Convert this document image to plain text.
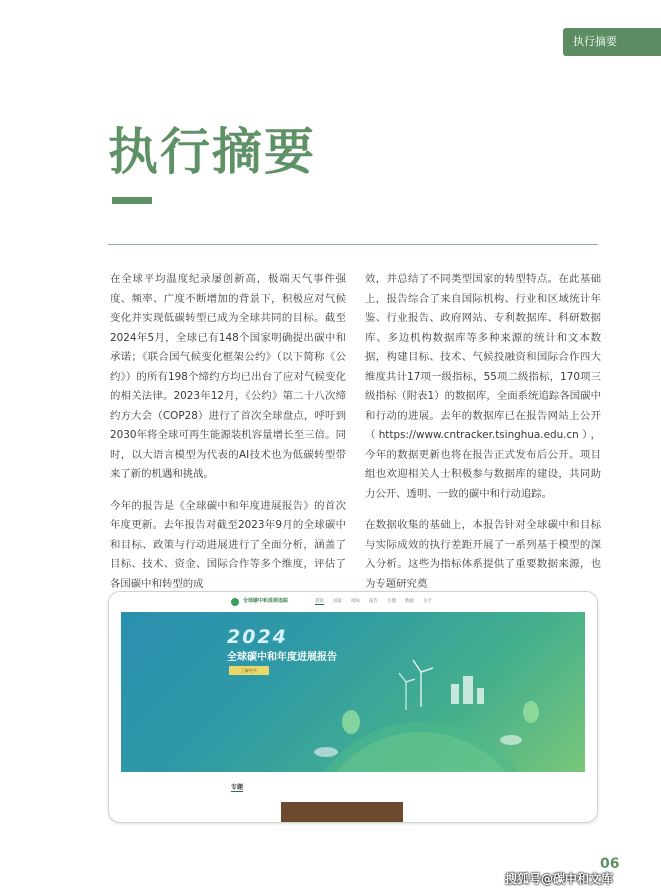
执行摘要
执行摘要

在全球平均温度纪录屡创新高，极端天气事件强度、频率、广度不断增加的背景下，积极应对气候变化并实现低碳转型已成为全球共同的目标。截至2024年5月，全球已有148个国家明确提出碳中和承诺；《联合国气候变化框架公约》（以下简称《公约》）的所有198个缔约方均已出台了应对气候变化的相关法律。2023年12月，《公约》第二十八次缔约方大会（COP28）进行了首次全球盘点，呼吁到2030年将全球可再生能源装机容量增长至三倍。同时，以大语言模型为代表的AI技术也为低碳转型带来了新的机遇和挑战。

今年的报告是《全球碳中和年度进展报告》的首次年度更新。去年报告对截至2023年9月的全球碳中和目标、政策与行动进展进行了全面分析，涵盖了目标、技术、资金、国际合作等多个维度，评估了各国碳中和转型的成

效，并总结了不同类型国家的转型特点。在此基础上，报告综合了来自国际机构、行业和区域统计年鉴、行业报告、政府网站、专利数据库、科研数据库、多边机构数据库等多种来源的统计和文本数据，构建目标、技术、气候投融资和国际合作四大维度共计17项一级指标，55项二级指标，170项三级指标（附表1）的数据库，全面系统追踪各国碳中和行动的进展。去年的数据库已在报告网站上公开（https://www.cntracker.tsinghua.edu.cn），今年的数据更新也将在报告正式发布后公开。项目组也欢迎相关人士积极参与数据库的建设，共同助力公开、透明、一致的碳中和行动追踪。

在数据收集的基础上，本报告针对全球碳中和目标与实际成效的执行差距开展了一系列基于模型的深入分析。这些为指标体系提供了重要数据来源，也为专题研究奠

全球碳中和进展追踪	首页 国家 指标 报告 专题 数据 关于
2024
全球碳中和年度进展报告
了解更多
专题
06
搜狐号@碳中和文库
